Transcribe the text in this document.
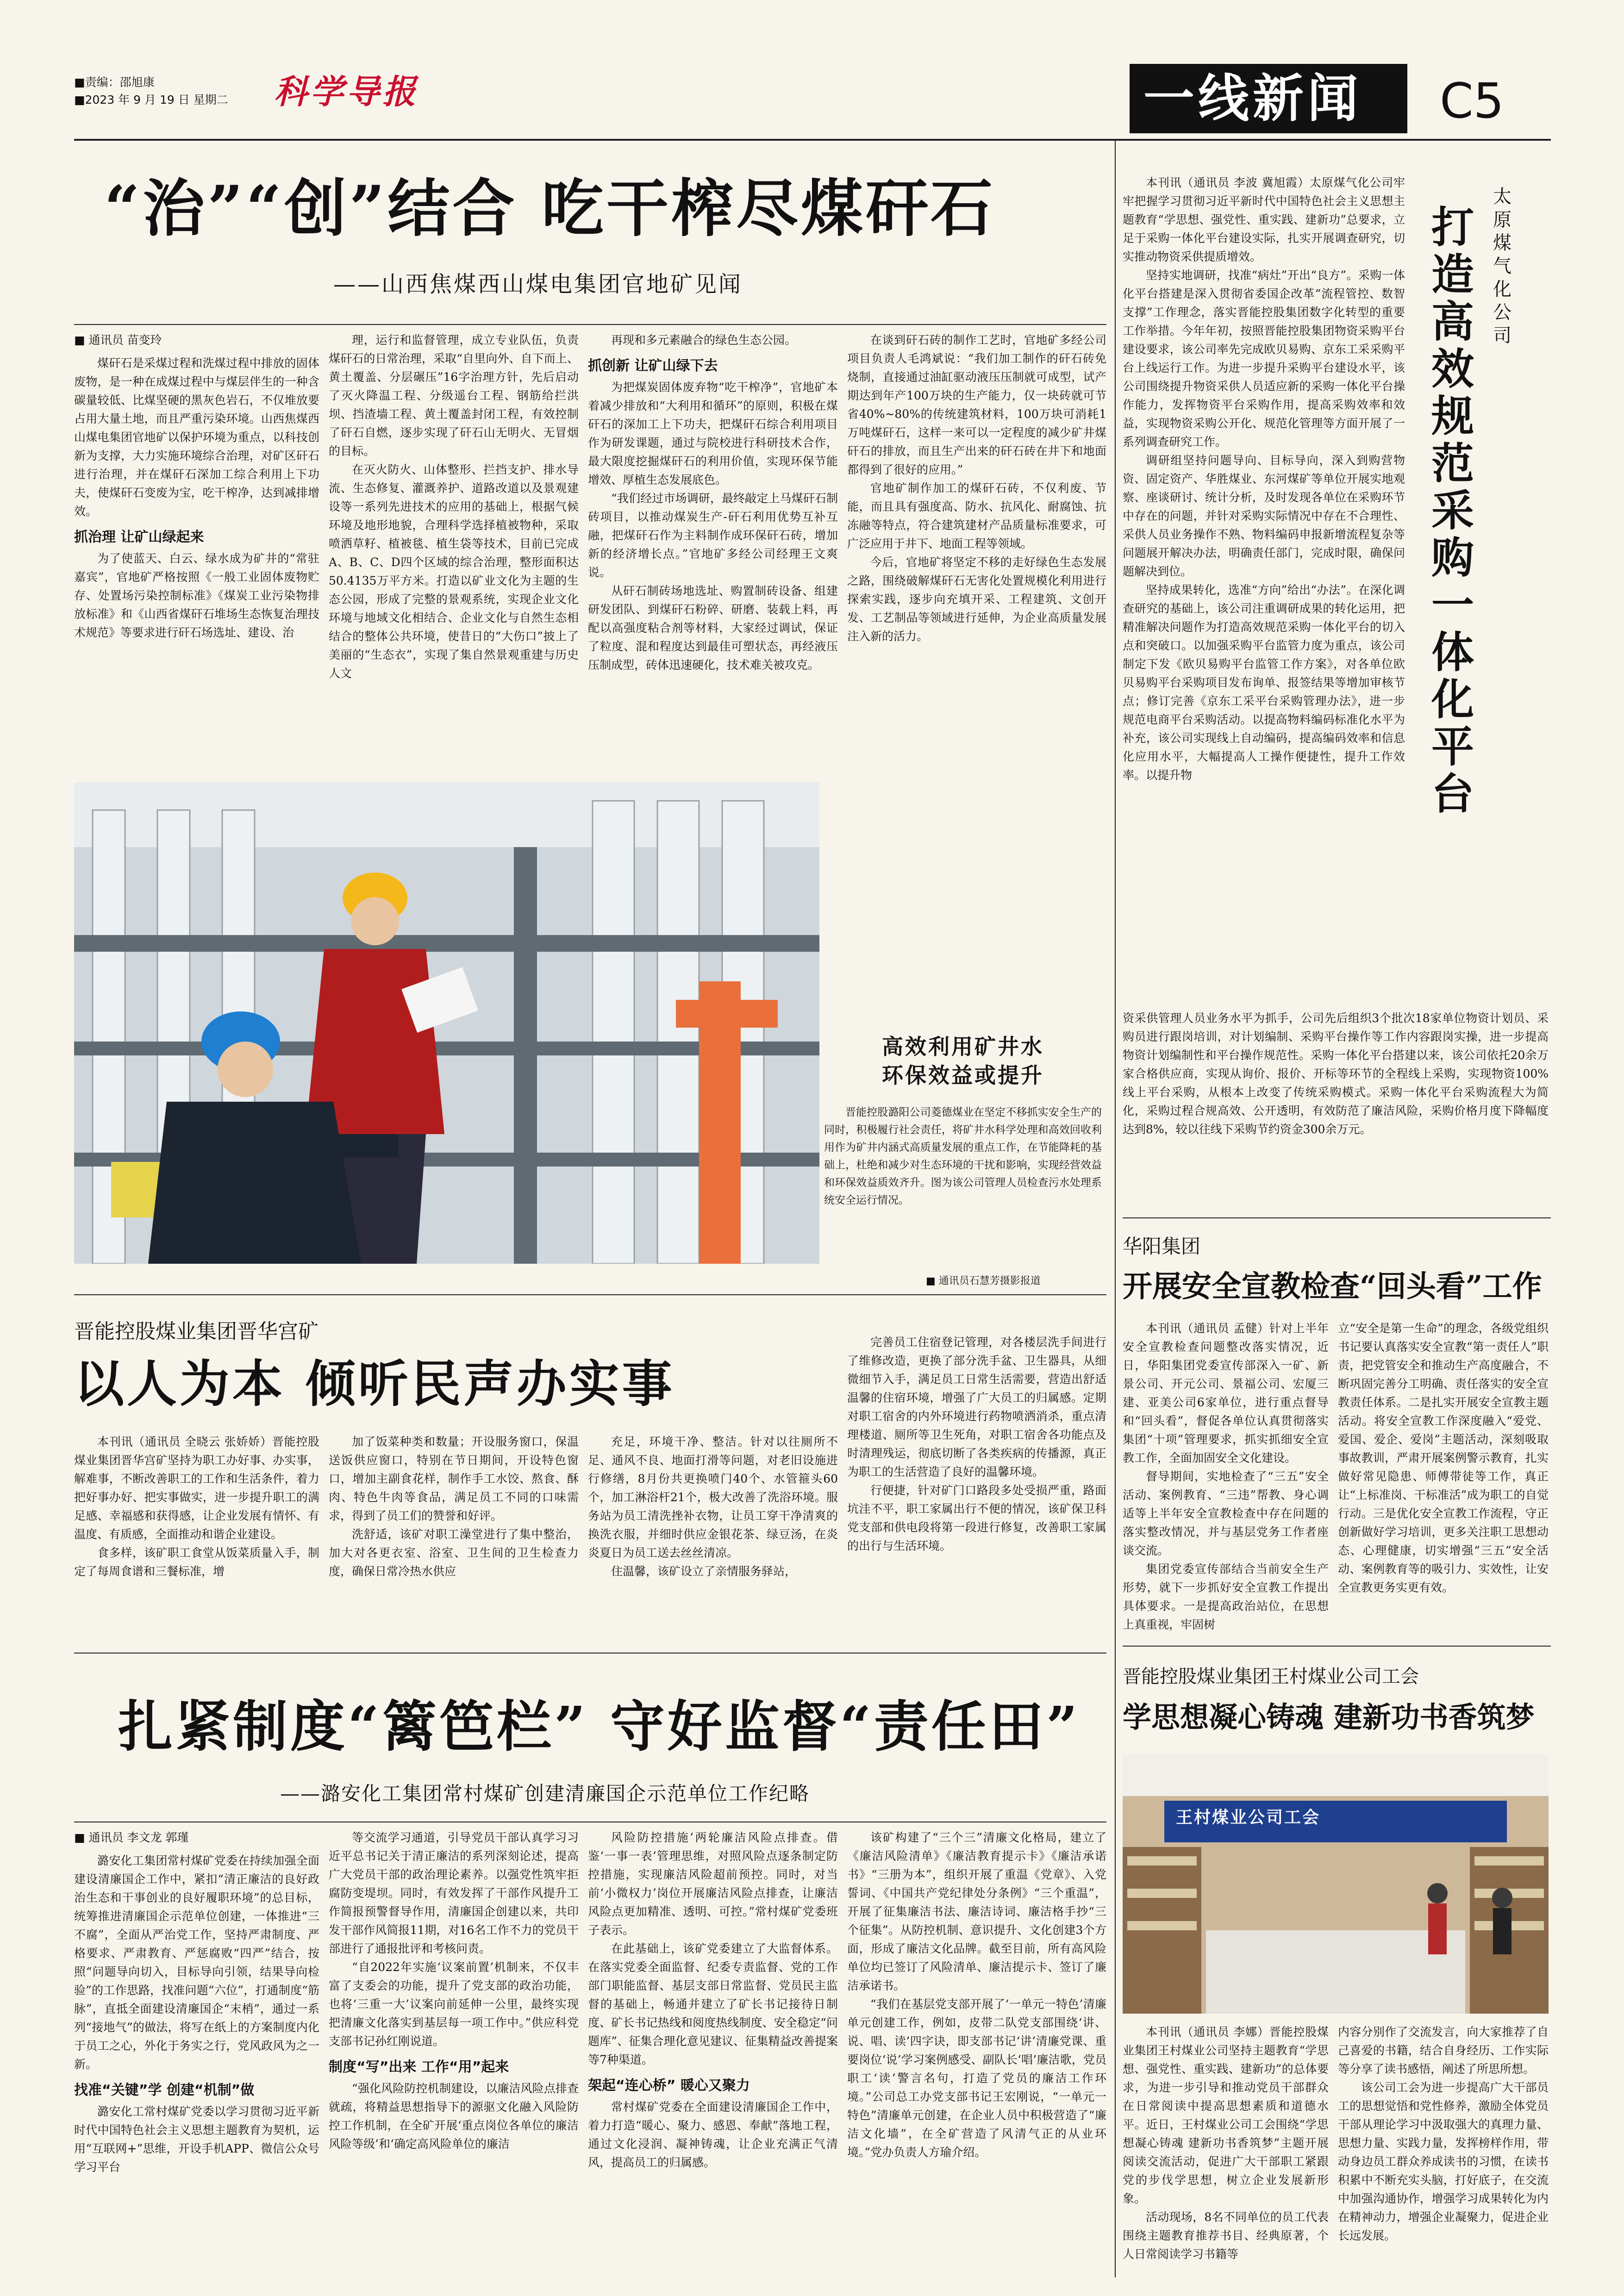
■责编：邵旭康
■2023 年 9 月 19 日 星期二 科学导报	一线新闻 C5
“治”“创”结合 吃干榨尽煤矸石
——山西焦煤西山煤电集团官地矿见闻
■ 通讯员 苗变玲

煤矸石是采煤过程和洗煤过程中排放的固体废物，是一种在成煤过程中与煤层伴生的一种含碳量较低、比煤坚硬的黑灰色岩石，不仅堆放要占用大量土地，而且严重污染环境。山西焦煤西山煤电集团官地矿以保护环境为重点，以科技创新为支撑，大力实施环境综合治理，对矿区矸石进行治理，并在煤矸石深加工综合利用上下功夫，使煤矸石变废为宝，吃干榨净，达到减排增效。

抓治理 让矿山绿起来

为了使蓝天、白云、绿水成为矿井的“常驻嘉宾”，官地矿严格按照《一般工业固体废物贮存、处置场污染控制标准》《煤炭工业污染物排放标准》和《山西省煤矸石堆场生态恢复治理技术规范》等要求进行矸石场选址、建设、治

理，运行和监督管理，成立专业队伍，负责煤矸石的日常治理，采取“自里向外、自下而上、黄土覆盖、分层碾压”16字治理方针，先后启动了灭火降温工程、分级遥台工程、钢筋给拦洪坝、挡渣墙工程、黄土覆盖封闭工程，有效控制了矸石自燃，逐步实现了矸石山无明火、无冒烟的目标。

在灭火防火、山体整形、拦挡支护、排水导流、生态修复、灌溉养护、道路改道以及景观建设等一系列先进技术的应用的基础上，根据气候环境及地形地貌，合理科学选择植被物种，采取喷洒草籽、植被毯、植生袋等技术，目前已完成A、B、C、D四个区域的综合治理，整形面积达50.4135万平方米。打造以矿业文化为主题的生态公园，形成了完整的景观系统，实现企业文化环境与地域文化相结合、企业文化与自然生态相结合的整体公共环境，使昔日的“大伤口”披上了美丽的“生态衣”，实现了集自然景观重建与历史人文

再现和多元素融合的绿色生态公园。

抓创新 让矿山绿下去

为把煤炭固体废弃物“吃干榨净”，官地矿本着减少排放和“大利用和循环”的原则，积极在煤矸石的深加工上下功夫，把煤矸石综合利用项目作为研发课题，通过与院校进行科研技术合作，最大限度挖掘煤矸石的利用价值，实现环保节能增效、厚植生态发展底色。

“我们经过市场调研，最终敲定上马煤矸石制砖项目，以推动煤炭生产-矸石利用优势互补互融，把煤矸石作为主料制作成环保矸石砖，增加新的经济增长点。”官地矿多经公司经理王文爽说。

从矸石制砖场地选址、购置制砖设备、组建研发团队、到煤矸石粉碎、研磨、装载上料，再配以高强度粘合剂等材料，大家经过调试，保证了粒度、混和程度达到最佳可塑状态，再经液压压制成型，砖体迅速硬化，技术难关被攻克。

在谈到矸石砖的制作工艺时，官地矿多经公司项目负责人毛鸿斌说：“我们加工制作的矸石砖免烧制，直接通过油缸驱动液压压制就可成型，试产期达到年产100万块的生产能力，仅一块砖就可节省40%~80%的传统建筑材料，100万块可消耗1万吨煤矸石，这样一来可以一定程度的减少矿井煤矸石的排放，而且生产出来的矸石砖在井下和地面都得到了很好的应用。”

官地矿制作加工的煤矸石砖，不仅利废、节能，而且具有强度高、防水、抗风化、耐腐蚀、抗冻融等特点，符合建筑建材产品质量标准要求，可广泛应用于井下、地面工程等领域。

今后，官地矿将坚定不移的走好绿色生态发展之路，围绕破解煤矸石无害化处置规模化利用进行探索实践，逐步向充填开采、工程建筑、文创开发、工艺制品等领域进行延伸，为企业高质量发展注入新的活力。

高效利用矿井水
环保效益或提升

晋能控股潞阳公司菱德煤业在坚定不移抓实安全生产的同时，积极履行社会责任，将矿井水科学处理和高效回收利用作为矿井内涵式高质量发展的重点工作，在节能降耗的基础上，杜绝和减少对生态环境的干扰和影响，实现经营效益和环保效益质效齐升。图为该公司管理人员检查污水处理系统安全运行情况。

■ 通讯员石慧芳摄影报道
晋能控股煤业集团晋华宫矿
以人为本 倾听民声办实事

本刊讯（通讯员 全晓云 张娇娇）晋能控股煤业集团晋华宫矿坚持为职工办好事、办实事，解难事，不断改善职工的工作和生活条件，着力把好事办好、把实事做实，进一步提升职工的满足感、幸福感和获得感，让企业发展有情怀、有温度、有质感，全面推动和谐企业建设。

食多样，该矿职工食堂从饭菜质量入手，制定了每周食谱和三餐标准，增

加了饭菜种类和数量；开设服务窗口，保温送饭供应窗口，特别在节日期间，开设特色窗口，增加主副食花样，制作手工水饺、熬食、酥肉、特色牛肉等食品，满足员工不同的口味需求，得到了员工们的赞誉和好评。

洗舒适，该矿对职工澡堂进行了集中整治，加大对各更衣室、浴室、卫生间的卫生检查力度，确保日常冷热水供应

充足，环境干净、整洁。针对以往厕所不足、通风不良、地面打滑等问题，对老旧设施进行修缮，8月份共更换喷门40个、水管箍头60个，加工淋浴杆21个，极大改善了洗浴环境。服务站为员工清洗挫补衣物，让员工穿干净清爽的换洗衣服，并细时供应金银花茶、绿豆汤，在炎炎夏日为员工送去丝丝清凉。

住温馨，该矿设立了亲情服务驿站，

完善员工住宿登记管理，对各楼层洗手间进行了维修改造，更换了部分洗手盆、卫生器具，从细微细节入手，满足员工日常生活需要，营造出舒适温馨的住宿环境，增强了广大员工的归属感。定期对职工宿舍的内外环境进行药物喷洒消杀，重点清理楼道、厕所等卫生死角，对职工宿舍各功能点及时清理残运，彻底切断了各类疾病的传播源，真正为职工的生活营造了良好的温馨环境。

行便捷，针对矿门口路段多处受损严重，路面坑洼不平，职工家属出行不便的情况，该矿保卫科党支部和供电段将第一段进行修复，改善职工家属的出行与生活环境。

扎紧制度“篱笆栏” 守好监督“责任田”
——潞安化工集团常村煤矿创建清廉国企示范单位工作纪略
■ 通讯员 李文龙 郭瑾

潞安化工集团常村煤矿党委在持续加强全面建设清廉国企工作中，紧扣“清正廉洁的良好政治生态和干事创业的良好履职环境”的总目标，统筹推进清廉国企示范单位创建，一体推进“三不腐”，全面从严治党工作，坚持严肃制度、严格要求、严肃教育、严惩腐败“四严”结合，按照“问题导向切入，目标导向引领，结果导向检验”的工作思路，找准问题“六位”，打通制度“筋脉”，直抵全面建设清廉国企“末梢”，通过一系列“接地气”的做法，将写在纸上的方案制度内化于员工之心，外化于务实之行，党风政风为之一新。

找准“关键”学 创建“机制”做

潞安化工常村煤矿党委以学习贯彻习近平新时代中国特色社会主义思想主题教育为契机，运用“互联网+”思维，开设手机APP、微信公众号学习平台

等交流学习通道，引导党员干部认真学习习近平总书记关于清正廉洁的系列深刻论述，提高广大党员干部的政治理论素养。以强党性筑牢拒腐防变堤坝。同时，有效发挥了干部作风提升工作简报预警督导作用，清廉国企创建以来，共印发干部作风简报11期，对16名工作不力的党员干部进行了通报批评和考核问责。

“自2022年实施‘议案前置’机制来，不仅丰富了支委会的功能，提升了党支部的政治功能，也将‘三重一大’议案向前延伸一公里，最终实现把清廉文化落实到基层每一项工作中。”供应科党支部书记孙红刚说道。

制度“写”出来 工作“用”起来

“强化风险防控机制建设，以廉洁风险点排查就疏，将精益思想指导下的源驱文化融入风险防控工作机制，在全矿开展‘重点岗位各单位的廉洁风险等级’和‘确定高风险单位的廉洁

风险防控措施’两轮廉洁风险点排查。借鉴‘一事一表’管理思维，对照风险点逐条制定防控措施，实现廉洁风险超前预控。同时，对当前‘小微权力’岗位开展廉洁风险点排查，让廉洁风险点更加精准、透明、可控。”常村煤矿党委班子表示。

在此基础上，该矿党委建立了大监督体系。在落实党委全面监督、纪委专责监督、党的工作部门职能监督、基层支部日常监督、党员民主监督的基础上，畅通并建立了矿长书记接待日制度、矿长书记热线和阅度热线制度、安全稳定“问题库”、征集合理化意见建议、征集精益改善提案等7种渠道。

架起“连心桥” 暖心又聚力

常村煤矿党委在全面建设清廉国企工作中，着力打造“暖心、聚力、感恩、奉献”落地工程，通过文化浸润、凝神铸魂，让企业充满正气清风，提高员工的归属感。

该矿构建了“三个三”清廉文化格局，建立了《廉洁风险清单》《廉洁教育提示卡》《廉洁承诺书》“三册为本”，组织开展了重温《党章》、入党誓词、《中国共产党纪律处分条例》“三个重温”，开展了征集廉洁书法、廉洁诗词、廉洁格手抄“三个征集”。从防控机制、意识提升、文化创建3个方面，形成了廉洁文化品牌。截至目前，所有高风险单位均已签订了风险清单、廉洁提示卡、签订了廉洁承诺书。

“我们在基层党支部开展了‘一单元一特色’清廉单元创建工作，例如，皮带二队党支部围绕‘讲、说、唱、读’四字诀，即支部书记‘讲’清廉党课、重要岗位‘说’学习案例感受、副队长‘唱’廉洁歌，党员职工‘读’警言名句，打造了党员的廉洁工作环境。”公司总工办党支部书记王宏刚说，“一单元一特色”清廉单元创建，在企业人员中积极营造了“廉洁文化墙”，在全矿营造了风清气正的从业环境。”党办负责人方瑜介绍。

太原煤气化公司
打造高效规范采购一体化平台

本刊讯（通讯员 李波 冀旭霞）太原煤气化公司牢牢把握学习贯彻习近平新时代中国特色社会主义思想主题教育“学思想、强党性、重实践、建新功”总要求，立足于采购一体化平台建设实际，扎实开展调查研究，切实推动物资采供提质增效。

坚持实地调研，找准“病灶”开出“良方”。采购一体化平台搭建是深入贯彻省委国企改革“流程管控、数智支撑”工作理念，落实晋能控股集团数字化转型的重要工作举措。今年年初，按照晋能控股集团物资采购平台建设要求，该公司率先完成欧贝易购、京东工采采购平台上线运行工作。为进一步提升采购平台建设水平，该公司围绕提升物资采供人员适应新的采购一体化平台操作能力，发挥物资平台采购作用，提高采购效率和效益，实现物资采购公开化、规范化管理等方面开展了一系列调查研究工作。

调研组坚持问题导向、目标导向，深入到购营物资、固定资产、华胜煤业、东河煤矿等单位开展实地观察、座谈研讨、统计分析，及时发现各单位在采购环节中存在的问题，并针对采购实际情况中存在不合理性、采供人员业务操作不熟、物料编码申报新增流程复杂等问题展开解决办法，明确责任部门，完成时限，确保问题解决到位。

坚持成果转化，选准“方向”给出“办法”。在深化调查研究的基础上，该公司注重调研成果的转化运用，把精准解决问题作为打造高效规范采购一体化平台的切入点和突破口。以加强采购平台监管力度为重点，该公司制定下发《欧贝易购平台监管工作方案》，对各单位欧贝易购平台采购项目发布询单、报签结果等增加审核节点；修订完善《京东工采平台采购管理办法》，进一步规范电商平台采购活动。以提高物料编码标准化水平为补充，该公司实现线上自动编码，提高编码效率和信息化应用水平，大幅提高人工操作便捷性，提升工作效率。以提升物

资采供管理人员业务水平为抓手，公司先后组织3个批次18家单位物资计划员、采购员进行跟岗培训，对计划编制、采购平台操作等工作内容跟岗实操，进一步提高物资计划编制性和平台操作规范性。采购一体化平台搭建以来，该公司依托20余万家合格供应商，实现从询价、报价、开标等环节的全程线上采购，实现物资100%线上平台采购，从根本上改变了传统采购模式。采购一体化平台采购流程大为简化，采购过程合规高效、公开透明，有效防范了廉洁风险，采购价格月度下降幅度达到8%，较以往线下采购节约资金300余万元。

华阳集团
开展安全宣教检查“回头看”工作

本刊讯（通讯员 孟健）针对上半年安全宣教检查问题整改落实情况，近日，华阳集团党委宣传部深入一矿、新景公司、开元公司、景福公司、宏厦三建、亚美公司6家单位，进行重点督导和“回头看”，督促各单位认真贯彻落实集团“十项”管理要求，抓实抓细安全宣教工作，全面加固安全文化建设。

督导期间，实地检查了“三五”安全活动、案例教育、“三违”帮教、身心调适等上半年安全宣教检查中存在问题的落实整改情况，并与基层党务工作者座谈交流。

集团党委宣传部结合当前安全生产形势，就下一步抓好安全宣教工作提出具体要求。一是提高政治站位，在思想上真重视，牢固树

立“安全是第一生命”的理念，各级党组织书记要认真落实安全宣教“第一责任人”职责，把党管安全和推动生产高度融合，不断巩固完善分工明确、责任落实的安全宣教责任体系。二是扎实开展安全宣教主题活动。将安全宣教工作深度融入“爱党、爱国、爱企、爱岗”主题活动，深刻吸取事故教训，严肃开展案例警示教育，扎实做好常见隐患、师傅带徒等工作，真正让“上标准岗、干标准活”成为职工的自觉行动。三是优化安全宣教工作流程，守正创新做好学习培训，更多关注职工思想动态、心理健康，切实增强“三五”安全活动、案例教育等的吸引力、实效性，让安全宣教更务实更有效。

晋能控股煤业集团王村煤业公司工会
学思想凝心铸魂 建新功书香筑梦
王村煤业公司工会

本刊讯（通讯员 李娜）晋能控股煤业集团王村煤业公司坚持主题教育“学思想、强党性、重实践、建新功”的总体要求，为进一步引导和推动党员干部群众在日常阅读中提高思想素质和道德水平。近日，王村煤业公司工会围绕“学思想凝心铸魂 建新功书香筑梦”主题开展阅读交流活动，促进广大干部职工紧跟党的步伐学思想，树立企业发展新形象。

活动现场，8名不同单位的员工代表围绕主题教育推荐书目、经典原著，个人日常阅读学习书籍等

内容分别作了交流发言，向大家推荐了自己喜爱的书籍，结合自身经历、工作实际等分享了读书感悟，阐述了所思所想。

该公司工会为进一步提高广大干部员工的思想觉悟和党性修养，激励全体党员干部从理论学习中汲取强大的真理力量、思想力量、实践力量，发挥榜样作用，带动身边员工群众养成读书的习惯，在读书积累中不断充实头脑，打好底子，在交流中加强沟通协作，增强学习成果转化为内在精神动力，增强企业凝聚力，促进企业长远发展。
